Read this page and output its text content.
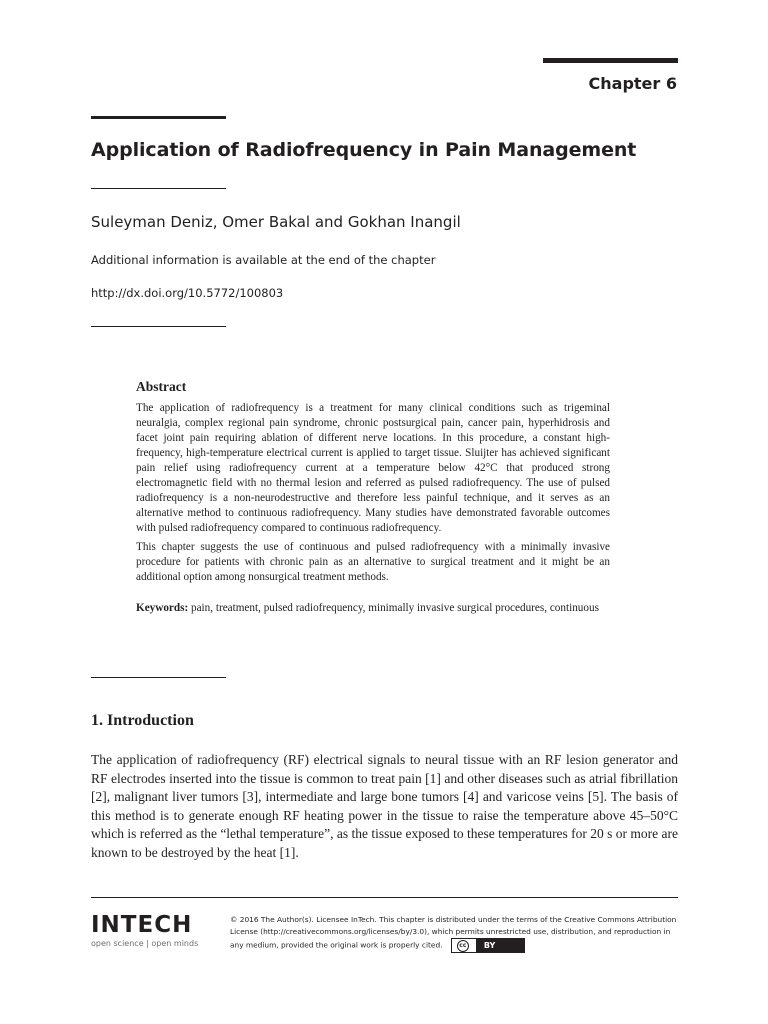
Chapter 6
Application of Radiofrequency in Pain Management
Suleyman Deniz, Omer Bakal and Gokhan Inangil
Additional information is available at the end of the chapter
http://dx.doi.org/10.5772/100803

Abstract

The application of radiofrequency is a treatment for many clinical conditions such as trigeminal neuralgia, complex regional pain syndrome, chronic postsurgical pain, cancer pain, hyperhidrosis and facet joint pain requiring ablation of different nerve locations. In this procedure, a constant high-frequency, high-temperature electrical current is applied to target tissue. Sluijter has achieved significant pain relief using radiofrequency current at a temperature below 42°C that produced strong electromagnetic field with no thermal lesion and referred as pulsed radiofrequency. The use of pulsed radiofrequency is a non-neurodestructive and therefore less painful technique, and it serves as an alternative method to continuous radiofrequency. Many studies have demonstrated favorable outcomes with pulsed radiofrequency compared to continuous radiofrequency.

This chapter suggests the use of continuous and pulsed radiofrequency with a minimally invasive procedure for patients with chronic pain as an alternative to surgical treatment and it might be an additional option among nonsurgical treatment methods.

Keywords: pain, treatment, pulsed radiofrequency, minimally invasive surgical procedures, continuous

1. Introduction

The application of radiofrequency (RF) electrical signals to neural tissue with an RF lesion generator and RF electrodes inserted into the tissue is common to treat pain [1] and other diseases such as atrial fibrillation [2], malignant liver tumors [3], intermediate and large bone tumors [4] and varicose veins [5]. The basis of this method is to generate enough RF heating power in the tissue to raise the temperature above 45–50°C which is referred as the “lethal temperature”, as the tissue exposed to these temperatures for 20 s or more are known to be destroyed by the heat [1].

INTECH
open science | open minds
© 2016 The Author(s). Licensee InTech. This chapter is distributed under the terms of the Creative Commons Attribution License (http://creativecommons.org/licenses/by/3.0), which permits unrestricted use, distribution, and reproduction in any medium, provided the original work is properly cited.	cc	BY
